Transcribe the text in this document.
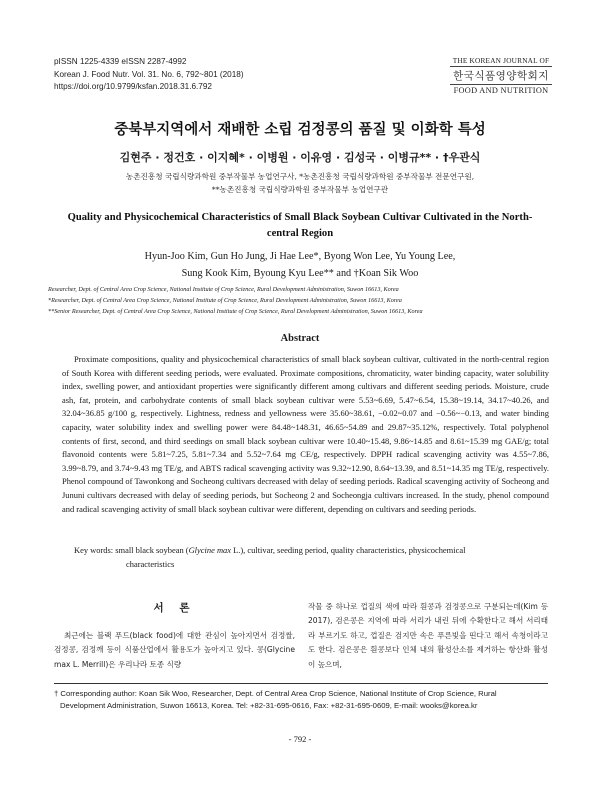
pISSN 1225-4339 eISSN 2287-4992
Korean J. Food Nutr. Vol. 31. No. 6, 792~801 (2018)
https://doi.org/10.9799/ksfan.2018.31.6.792
THE KOREAN JOURNAL OF
한국식품영양학회지
FOOD AND NUTRITION
중북부지역에서 재배한 소립 검정콩의 품질 및 이화학 특성
김현주 · 정건호 · 이지혜* · 이병원 · 이유영 · 김성국 · 이병규** · †우관식
농촌진흥청 국립식량과학원 중부작물부 농업연구사, *농촌진흥청 국립식량과학원 중부작물부 전문연구원,
**농촌진흥청 국립식량과학원 중부작물부 농업연구관
Quality and Physicochemical Characteristics of Small Black Soybean Cultivar Cultivated in the North-central Region
Hyun-Joo Kim, Gun Ho Jung, Ji Hae Lee*, Byong Won Lee, Yu Young Lee,
Sung Kook Kim, Byoung Kyu Lee** and †Koan Sik Woo
Researcher, Dept. of Central Area Crop Science, National Institute of Crop Science, Rural Development Administration, Suwon 16613, Korea
*Researcher, Dept. of Central Area Crop Science, National Institute of Crop Science, Rural Development Administration, Suwon 16613, Korea
**Senior Researcher, Dept. of Central Area Crop Science, National Institute of Crop Science, Rural Development Administration, Suwon 16613, Korea
Abstract
Proximate compositions, quality and physicochemical characteristics of small black soybean cultivar, cultivated in the north-central region of South Korea with different seeding periods, were evaluated. Proximate compositions, chromaticity, water binding capacity, water solubility index, swelling power, and antioxidant properties were significantly different among cultivars and different seeding periods. Moisture, crude ash, fat, protein, and carbohydrate contents of small black soybean cultivar were 5.53~6.69, 5.47~6.54, 15.38~19.14, 34.17~40.26, and 32.04~36.85 g/100 g, respectively. Lightness, redness and yellowness were 35.60~38.61, −0.02~0.07 and −0.56~−0.13, and water binding capacity, water solubility index and swelling power were 84.48~148.31, 46.65~54.89 and 29.87~35.12%, respectively. Total polyphenol contents of first, second, and third seedings on small black soybean cultivar were 10.40~15.48, 9.86~14.85 and 8.61~15.39 mg GAE/g; total flavonoid contents were 5.81~7.25, 5.81~7.34 and 5.52~7.64 mg CE/g, respectively. DPPH radical scavenging activity was 4.55~7.86, 3.99~8.79, and 3.74~9.43 mg TE/g, and ABTS radical scavenging activity was 9.32~12.90, 8.64~13.39, and 8.51~14.35 mg TE/g, respectively. Phenol compound of Tawonkong and Socheong cultivars decreased with delay of seeding periods. Radical scavenging activity of Socheong and Jununi cultivars decreased with delay of seeding periods, but Socheong 2 and Socheongja cultivars increased. In the study, phenol compound and radical scavenging activity of small black soybean cultivar were different, depending on cultivars and seeding periods.
Key words: small black soybean (Glycine max L.), cultivar, seeding period, quality characteristics, physicochemical
characteristics
서 론
최근에는 블랙 푸드(black food)에 대한 관심이 높아지면서 검정쌀, 검정콩, 검정깨 등이 식품산업에서 활용도가 높아지고 있다. 콩(Glycine max L. Merrill)은 우리나라 토종 식량
작물 중 하나로 껍질의 색에 따라 흰콩과 검정콩으로 구분되는데(Kim 등 2017), 검은콩은 지역에 따라 서리가 내린 뒤에 수확한다고 해서 서리태라 부르기도 하고, 껍질은 검지만 속은 푸른빛을 띤다고 해서 속청이라고도 한다. 검은콩은 흰콩보다 인체 내의 활성산소를 제거하는 항산화 활성이 높으며,
† Corresponding author: Koan Sik Woo, Researcher, Dept. of Central Area Crop Science, National Institute of Crop Science, Rural
Development Administration, Suwon 16613, Korea. Tel: +82-31-695-0616, Fax: +82-31-695-0609, E-mail: wooks@korea.kr
- 792 -
